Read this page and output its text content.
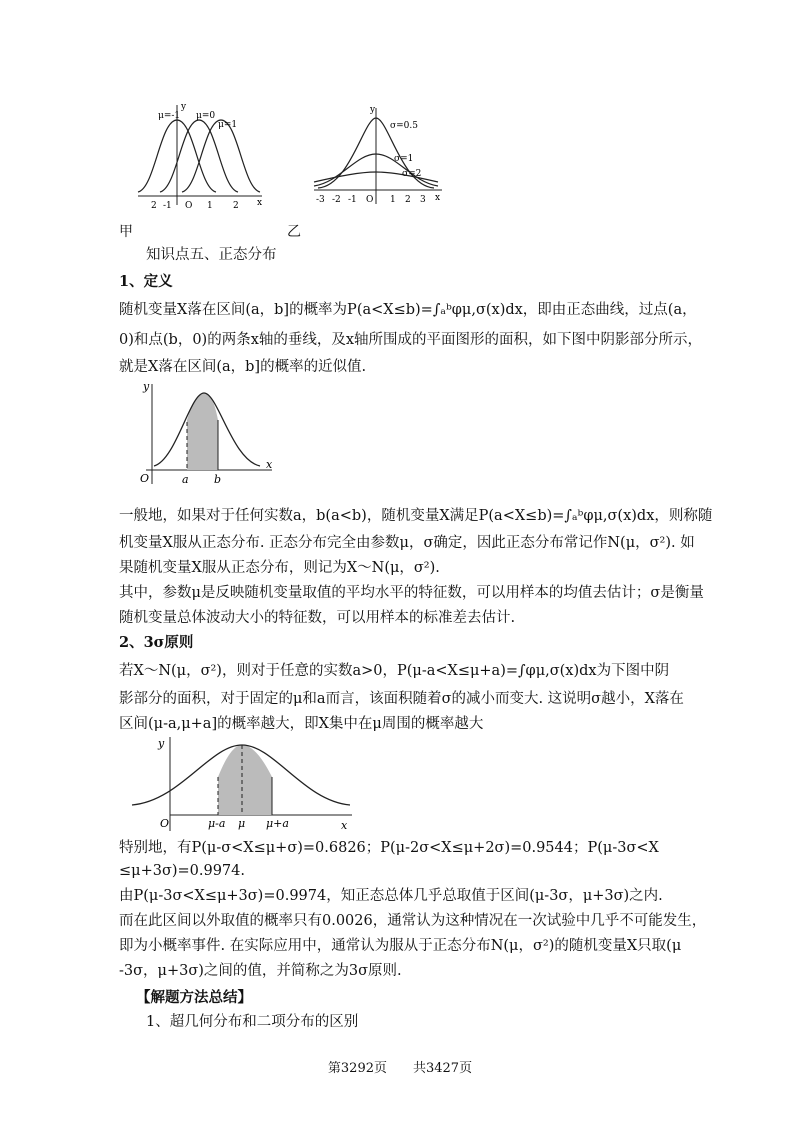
μ=-1 μ=0
μ=1
y
x
2 -1 O 1 2
σ=0.5
σ=1
σ=2
y
x
-3 -2 -1 O 1 2 3
甲	乙
知识点五、正态分布
1、定义
随机变量X落在区间(a，b]的概率为P(a<X≤b)=∫ₐᵇφμ,σ(x)dx，即由正态曲线，过点(a，
0)和点(b，0)的两条x轴的垂线，及x轴所围成的平面图形的面积，如下图中阴影部分所示，
就是X落在区间(a，b]的概率的近似值.
y
x
O	a b
一般地，如果对于任何实数a，b(a<b)，随机变量X满足P(a<X≤b)=∫ₐᵇφμ,σ(x)dx，则称随
机变量X服从正态分布. 正态分布完全由参数μ，σ确定，因此正态分布常记作N(μ，σ²). 如
果随机变量X服从正态分布，则记为X～N(μ，σ²).
其中，参数μ是反映随机变量取值的平均水平的特征数，可以用样本的均值去估计；σ是衡量
随机变量总体波动大小的特征数，可以用样本的标准差去估计.
2、3σ原则
若X～N(μ，σ²)，则对于任意的实数a>0，P(μ-a<X≤μ+a)=∫φμ,σ(x)dx为下图中阴
影部分的面积，对于固定的μ和a而言，该面积随着σ的减小而变大. 这说明σ越小，X落在
区间(μ-a,μ+a]的概率越大，即X集中在μ周围的概率越大
y
x
O	μ-a μ μ+a
特别地，有P(μ-σ<X≤μ+σ)=0.6826；P(μ-2σ<X≤μ+2σ)=0.9544；P(μ-3σ<X
≤μ+3σ)=0.9974.
由P(μ-3σ<X≤μ+3σ)=0.9974，知正态总体几乎总取值于区间(μ-3σ，μ+3σ)之内.
而在此区间以外取值的概率只有0.0026，通常认为这种情况在一次试验中几乎不可能发生，
即为小概率事件. 在实际应用中，通常认为服从于正态分布N(μ，σ²)的随机变量X只取(μ
-3σ，μ+3σ)之间的值，并简称之为3σ原则.
【解题方法总结】
1、超几何分布和二项分布的区别
第3292页　　共3427页
